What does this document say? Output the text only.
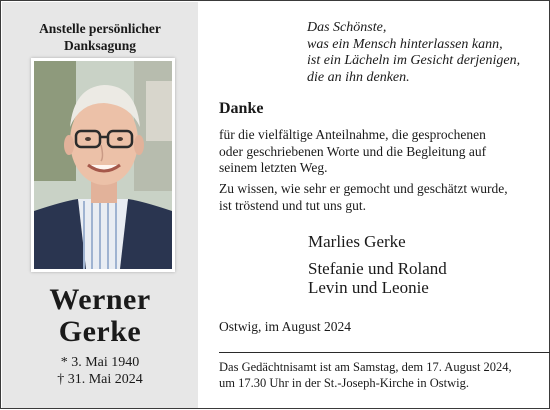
Anstelle persönlicher
Danksagung
Werner
Gerke
* 3. Mai 1940
† 31. Mai 2024
Das Schönste,
was ein Mensch hinterlassen kann,
ist ein Lächeln im Gesicht derjenigen,
die an ihn denken.
Danke
für die vielfältige Anteilnahme, die gesprochenen
oder geschriebenen Worte und die Begleitung auf
seinem letzten Weg.
Zu wissen, wie sehr er gemocht und geschätzt wurde,
ist tröstend und tut uns gut.
Marlies Gerke
Stefanie und Roland
Levin und Leonie
Ostwig, im August 2024
Das Gedächtnisamt ist am Samstag, dem 17. August 2024,
um 17.30 Uhr in der St.-Joseph-Kirche in Ostwig.
